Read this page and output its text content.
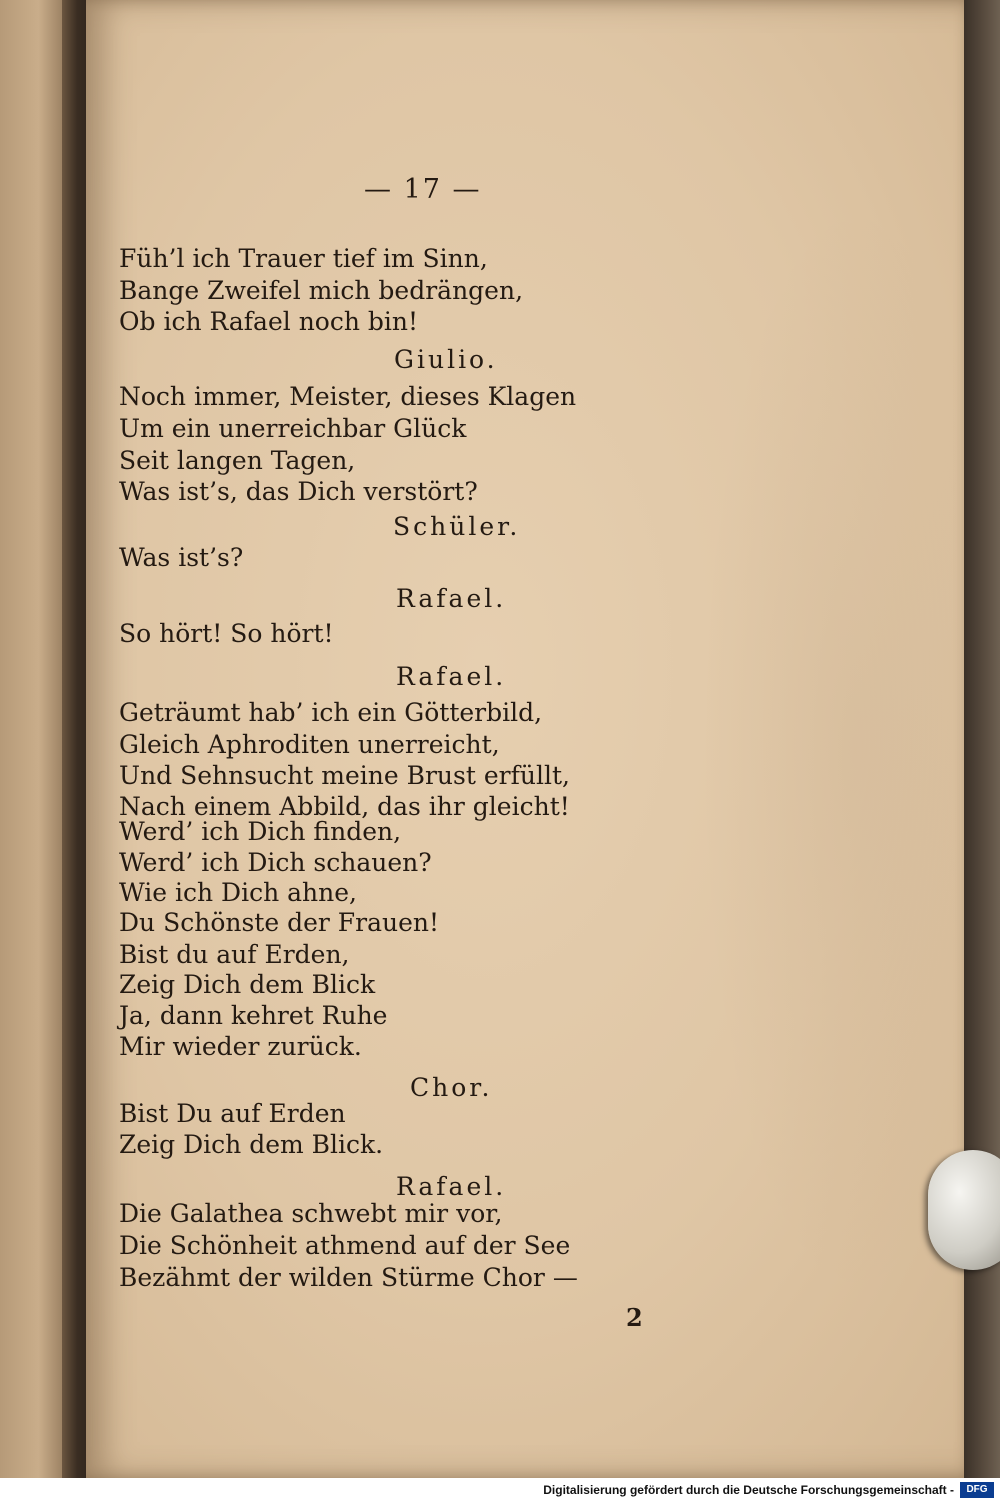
— 17 —
Füh’l ich Trauer tief im Sinn,
Bange Zweifel mich bedrängen,
Ob ich Rafael noch bin!
Giulio.
Noch immer, Meister, dieses Klagen
Um ein unerreichbar Glück
Seit langen Tagen,
Was ist’s, das Dich verstört?
Schüler.
Was ist’s?
Rafael.
So hört! So hört!
Rafael.
Geträumt hab’ ich ein Götterbild,
Gleich Aphroditen unerreicht,
Und Sehnsucht meine Brust erfüllt,
Nach einem Abbild, das ihr gleicht!
Werd’ ich Dich finden,
Werd’ ich Dich schauen?
Wie ich Dich ahne,
Du Schönste der Frauen!
Bist du auf Erden,
Zeig Dich dem Blick
Ja, dann kehret Ruhe
Mir wieder zurück.
Chor.
Bist Du auf Erden
Zeig Dich dem Blick.
Rafael.
Die Galathea schwebt mir vor,
Die Schönheit athmend auf der See
Bezähmt der wilden Stürme Chor —
2
Digitalisierung gefördert durch die Deutsche Forschungsgemeinschaft -	DFG
